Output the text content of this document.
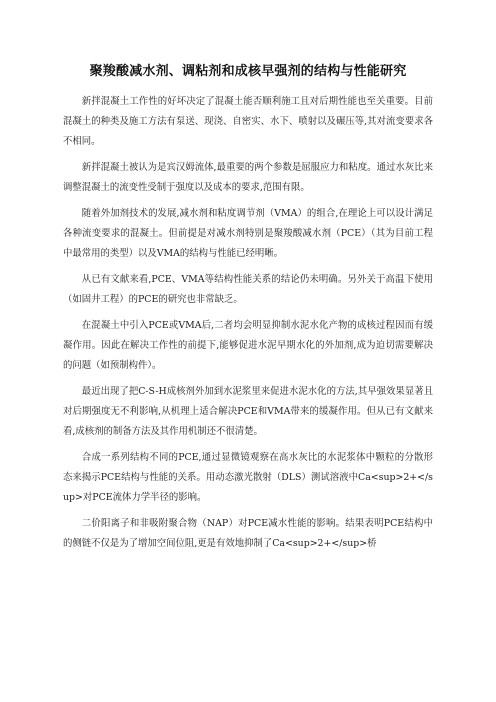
聚羧酸减水剂、调粘剂和成核早强剂的结构与性能研究

新拌混凝土工作性的好坏决定了混凝土能否顺利施工且对后期性能也至关重要。目前混凝土的种类及施工方法有泵送、现浇、自密实、水下、喷射以及碾压等,其对流变要求各不相同。

新拌混凝土被认为是宾汉姆流体,最重要的两个参数是屈服应力和粘度。通过水灰比来调整混凝土的流变性受制于强度以及成本的要求,范围有限。

随着外加剂技术的发展,减水剂和粘度调节剂（VMA）的组合,在理论上可以设计满足各种流变要求的混凝土。但前提是对减水剂特别是聚羧酸减水剂（PCE）（其为目前工程中最常用的类型）以及VMA的结构与性能已经明晰。

从已有文献来看,PCE、VMA等结构性能关系的结论仍未明确。另外关于高温下使用（如固井工程）的PCE的研究也非常缺乏。

在混凝土中引入PCE或VMA后,二者均会明显抑制水泥水化产物的成核过程因而有缓凝作用。因此在解决工作性的前提下,能够促进水泥早期水化的外加剂,成为迫切需要解决的问题（如预制构件）。

最近出现了把C-S-H成核剂外加到水泥浆里来促进水泥水化的方法,其早强效果显著且对后期强度无不利影响,从机理上适合解决PCE和VMA带来的缓凝作用。但从已有文献来看,成核剂的制备方法及其作用机制还不很清楚。

合成一系列结构不同的PCE,通过显微镜观察在高水灰比的水泥浆体中颗粒的分散形态来揭示PCE结构与性能的关系。用动态激光散射（DLS）测试溶液中Ca<sup>2+</sup>对PCE流体力学半径的影响。

二价阳离子和非吸附聚合物（NAP）对PCE减水性能的影响。结果表明PCE结构中的侧链不仅是为了增加空间位阻,更是有效地抑制了Ca<sup>2+</sup>桥
